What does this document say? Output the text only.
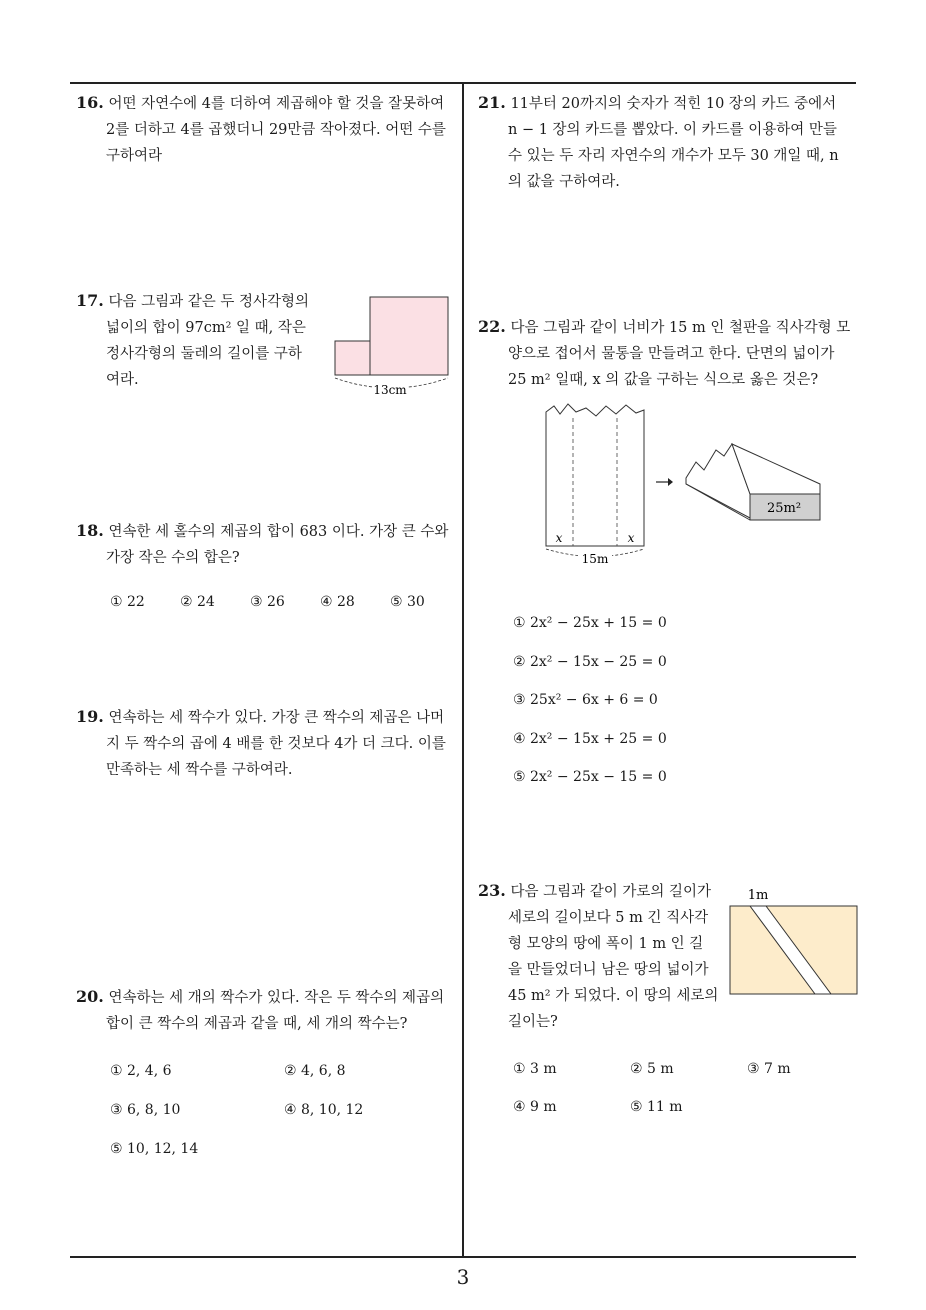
16. 어떤 자연수에 4를 더하여 제곱해야 할 것을 잘못하여
2를 더하고 4를 곱했더니 29만큼 작아졌다. 어떤 수를
구하여라
17. 다음 그림과 같은 두 정사각형의
넓이의 합이 97cm² 일 때, 작은
정사각형의 둘레의 길이를 구하
여라.
13cm
18. 연속한 세 홀수의 제곱의 합이 683 이다. 가장 큰 수와
가장 작은 수의 합은?
① 22	② 24	③ 26	④ 28	⑤ 30
19. 연속하는 세 짝수가 있다. 가장 큰 짝수의 제곱은 나머
지 두 짝수의 곱에 4 배를 한 것보다 4가 더 크다. 이를
만족하는 세 짝수를 구하여라.
20. 연속하는 세 개의 짝수가 있다. 작은 두 짝수의 제곱의
합이 큰 짝수의 제곱과 같을 때, 세 개의 짝수는?
① 2, 4, 6	② 4, 6, 8
③ 6, 8, 10	④ 8, 10, 12
⑤ 10, 12, 14
21. 11부터 20까지의 숫자가 적힌 10 장의 카드 중에서
n − 1 장의 카드를 뽑았다. 이 카드를 이용하여 만들
수 있는 두 자리 자연수의 개수가 모두 30 개일 때, n
의 값을 구하여라.
22. 다음 그림과 같이 너비가 15 m 인 철판을 직사각형 모
양으로 접어서 물통을 만들려고 한다. 단면의 넓이가
25 m² 일때, x 의 값을 구하는 식으로 옳은 것은?
x	x
15m
25m²
① 2x² − 25x + 15 = 0
② 2x² − 15x − 25 = 0
③ 25x² − 6x + 6 = 0
④ 2x² − 15x + 25 = 0
⑤ 2x² − 25x − 15 = 0
23. 다음 그림과 같이 가로의 길이가
세로의 길이보다 5 m 긴 직사각
형 모양의 땅에 폭이 1 m 인 길
을 만들었더니 남은 땅의 넓이가
45 m² 가 되었다. 이 땅의 세로의
길이는?
1m
① 3 m	② 5 m	③ 7 m
④ 9 m	⑤ 11 m
3
